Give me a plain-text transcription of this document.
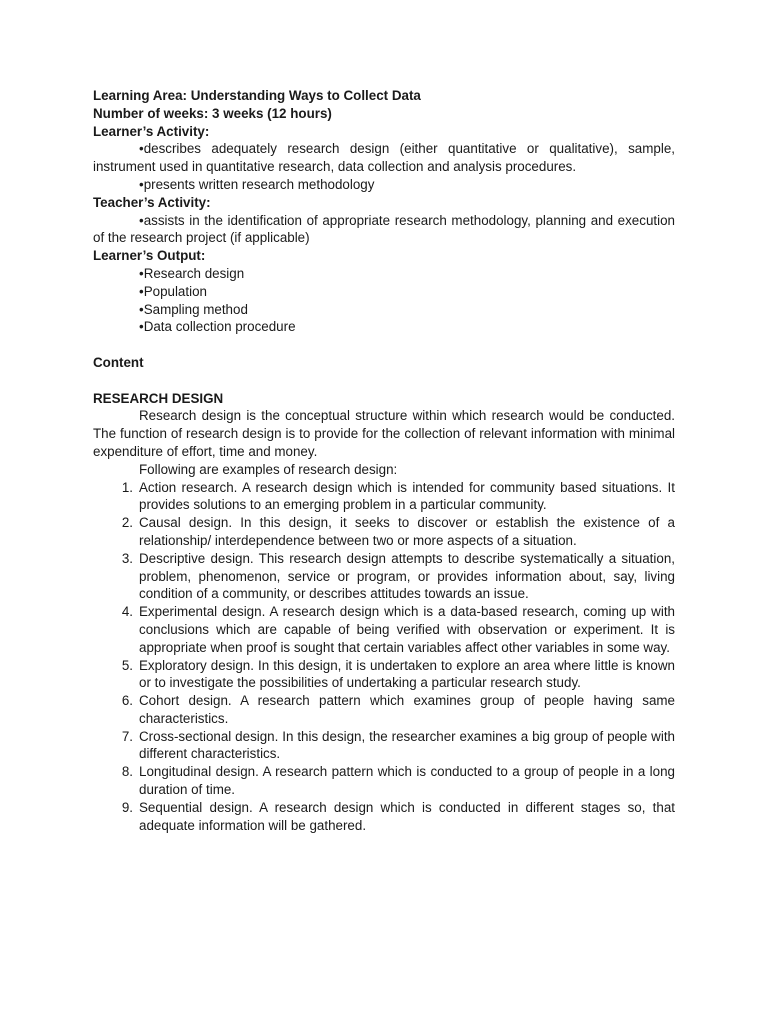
Learning Area: Understanding Ways to Collect Data

Number of weeks: 3 weeks (12 hours)

Learner’s Activity:

•describes adequately research design (either quantitative or qualitative), sample, instrument used in quantitative research, data collection and analysis procedures.

•presents written research methodology

Teacher’s Activity:

•assists in the identification of appropriate research methodology, planning and execution of the research project (if applicable)

Learner’s Output:

•Research design

•Population

•Sampling method

•Data collection procedure

Content

RESEARCH DESIGN

Research design is the conceptual structure within which research would be conducted. The function of research design is to provide for the collection of relevant information with minimal expenditure of effort, time and money.

Following are examples of research design:

1. Action research. A research design which is intended for community based situations. It provides solutions to an emerging problem in a particular community.
2. Causal design. In this design, it seeks to discover or establish the existence of a relationship/ interdependence between two or more aspects of a situation.
3. Descriptive design. This research design attempts to describe systematically a situation, problem, phenomenon, service or program, or provides information about, say, living condition of a community, or describes attitudes towards an issue.
4. Experimental design. A research design which is a data-based research, coming up with conclusions which are capable of being verified with observation or experiment. It is appropriate when proof is sought that certain variables affect other variables in some way.
5. Exploratory design. In this design, it is undertaken to explore an area where little is known or to investigate the possibilities of undertaking a particular research study.
6. Cohort design. A research pattern which examines group of people having same characteristics.
7. Cross-sectional design. In this design, the researcher examines a big group of people with different characteristics.
8. Longitudinal design. A research pattern which is conducted to a group of people in a long duration of time.
9. Sequential design. A research design which is conducted in different stages so, that adequate information will be gathered.
